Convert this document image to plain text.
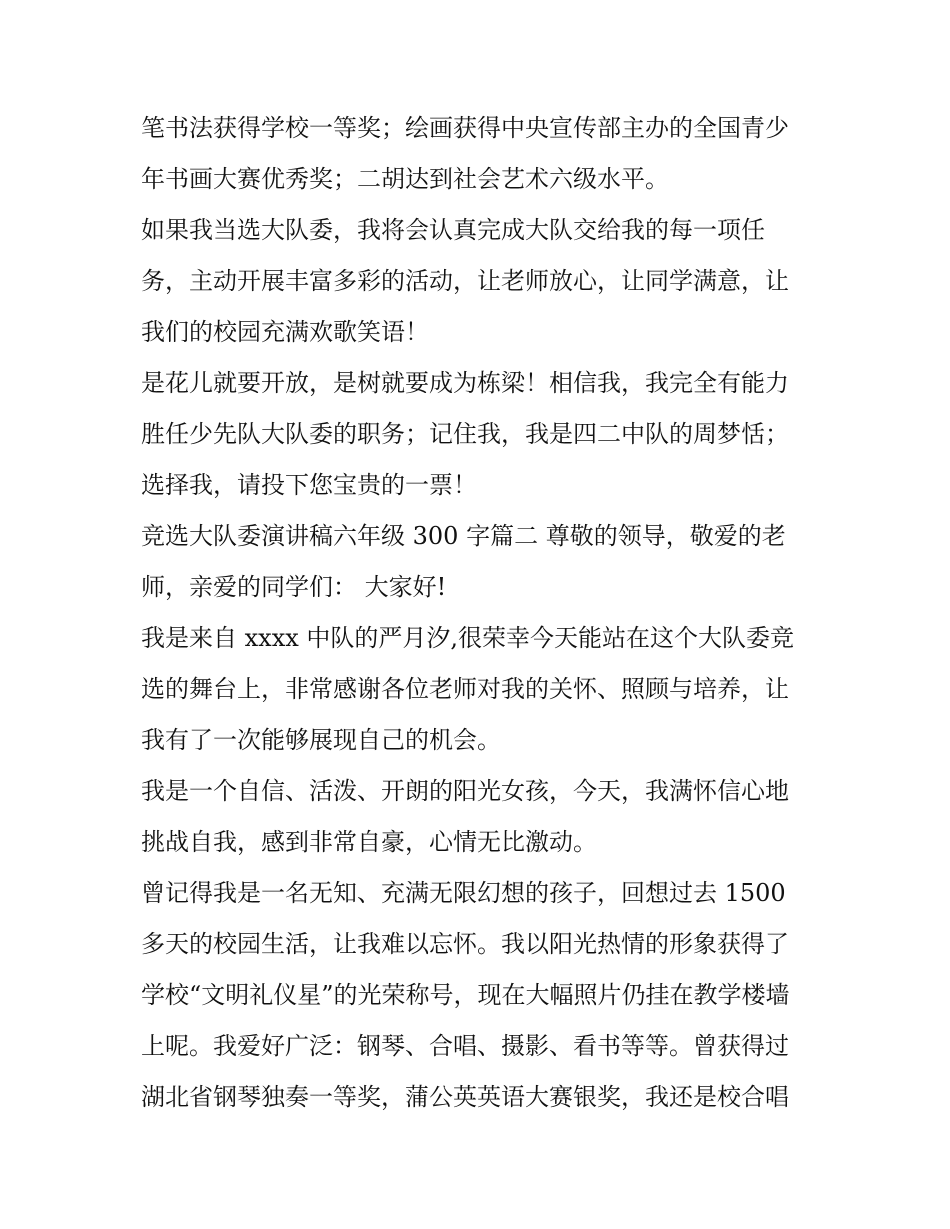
笔书法获得学校一等奖；绘画获得中央宣传部主办的全国青少
年书画大赛优秀奖；二胡达到社会艺术六级水平。
如果我当选大队委，我将会认真完成大队交给我的每一项任
务，主动开展丰富多彩的活动，让老师放心，让同学满意，让
我们的校园充满欢歌笑语！
是花儿就要开放，是树就要成为栋梁！相信我，我完全有能力
胜任少先队大队委的职务；记住我，我是四二中队的周梦恬；
选择我，请投下您宝贵的一票！
竞选大队委演讲稿六年级 300 字篇二 尊敬的领导，敬爱的老
师，亲爱的同学们： 大家好!
我是来自 xxxx 中队的严月汐,很荣幸今天能站在这个大队委竞
选的舞台上，非常感谢各位老师对我的关怀、照顾与培养，让
我有了一次能够展现自己的机会。
我是一个自信、活泼、开朗的阳光女孩，今天，我满怀信心地
挑战自我，感到非常自豪，心情无比激动。
曾记得我是一名无知、充满无限幻想的孩子，回想过去 1500
多天的校园生活，让我难以忘怀。我以阳光热情的形象获得了
学校“文明礼仪星”的光荣称号，现在大幅照片仍挂在教学楼墙
上呢。我爱好广泛：钢琴、合唱、摄影、看书等等。曾获得过
湖北省钢琴独奏一等奖，蒲公英英语大赛银奖，我还是校合唱
